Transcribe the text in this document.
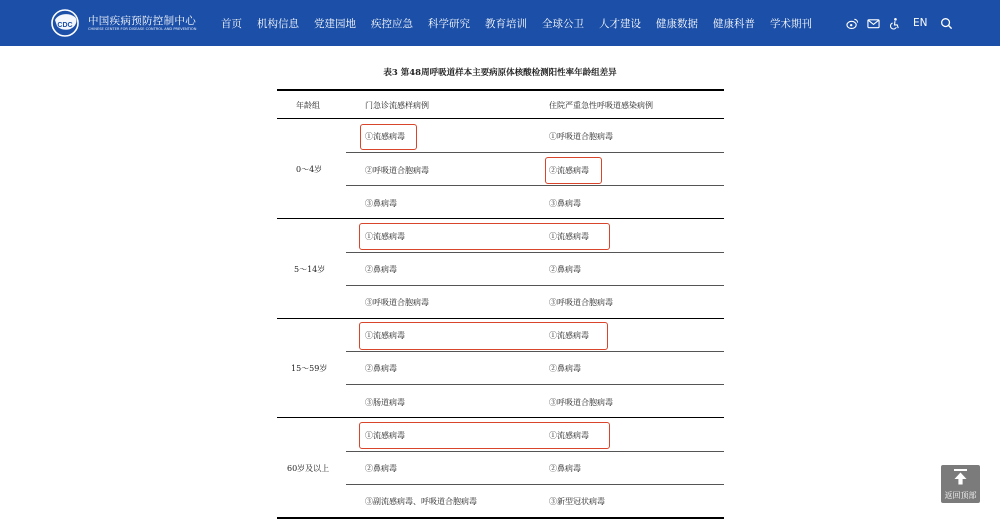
CDC 中国疾病预防控制中心
CHINESE CENTER FOR DISEASE CONTROL AND PREVENTION 首页 机构信息 党建园地 疾控应急 科学研究 教育培训 全球公卫 人才建设 健康数据 健康科普 学术期刊	EN
表3 第48周呼吸道样本主要病原体核酸检测阳性率年龄组差异
年龄组	门急诊流感样病例	住院严重急性呼吸道感染病例
0～4岁
①流感病毒	①呼吸道合胞病毒
②呼吸道合胞病毒	②流感病毒
③鼻病毒	③鼻病毒
5～14岁
①流感病毒	①流感病毒
②鼻病毒	②鼻病毒
③呼吸道合胞病毒	③呼吸道合胞病毒
15～59岁
①流感病毒	①流感病毒
②鼻病毒	②鼻病毒
③肠道病毒	③呼吸道合胞病毒
60岁及以上
①流感病毒	①流感病毒
②鼻病毒	②鼻病毒
③副流感病毒、呼吸道合胞病毒	③新型冠状病毒
返回顶部
